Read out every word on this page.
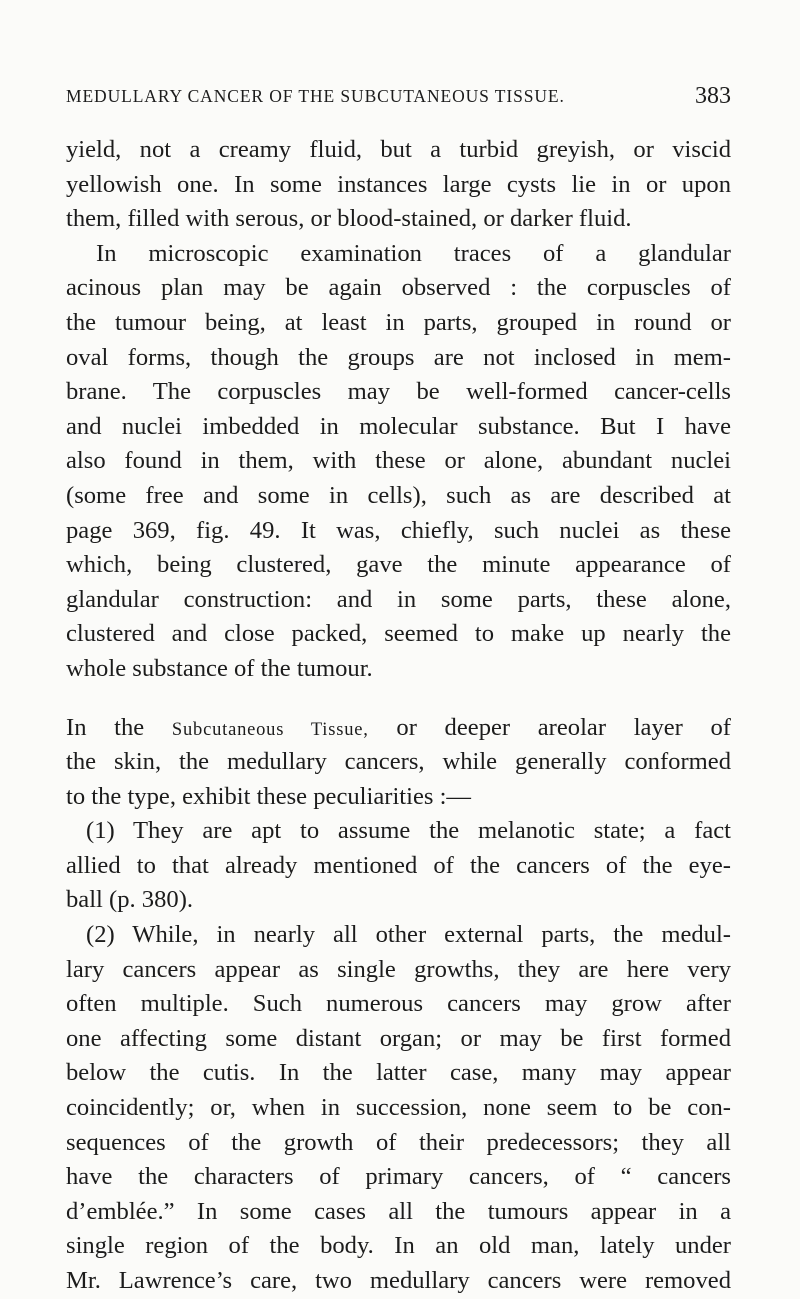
MEDULLARY CANCER OF THE SUBCUTANEOUS TISSUE.	383
yield, not a creamy fluid, but a turbid greyish, or viscid
yellowish one. In some instances large cysts lie in or upon
them, filled with serous, or blood-stained, or darker fluid.
In microscopic examination traces of a glandular
acinous plan may be again observed : the corpuscles of
the tumour being, at least in parts, grouped in round or
oval forms, though the groups are not inclosed in mem-
brane. The corpuscles may be well-formed cancer-cells
and nuclei imbedded in molecular substance. But I have
also found in them, with these or alone, abundant nuclei
(some free and some in cells), such as are described at
page 369, fig. 49. It was, chiefly, such nuclei as these
which, being clustered, gave the minute appearance of
glandular construction: and in some parts, these alone,
clustered and close packed, seemed to make up nearly the
whole substance of the tumour.
In the Subcutaneous Tissue, or deeper areolar layer of
the skin, the medullary cancers, while generally conformed
to the type, exhibit these peculiarities :—
(1) They are apt to assume the melanotic state; a fact
allied to that already mentioned of the cancers of the eye-
ball (p. 380).
(2) While, in nearly all other external parts, the medul-
lary cancers appear as single growths, they are here very
often multiple. Such numerous cancers may grow after
one affecting some distant organ; or may be first formed
below the cutis. In the latter case, many may appear
coincidently; or, when in succession, none seem to be con-
sequences of the growth of their predecessors; they all
have the characters of primary cancers, of “ cancers
d’emblée.” In some cases all the tumours appear in a
single region of the body. In an old man, lately under
Mr. Lawrence’s care, two medullary cancers were removed
